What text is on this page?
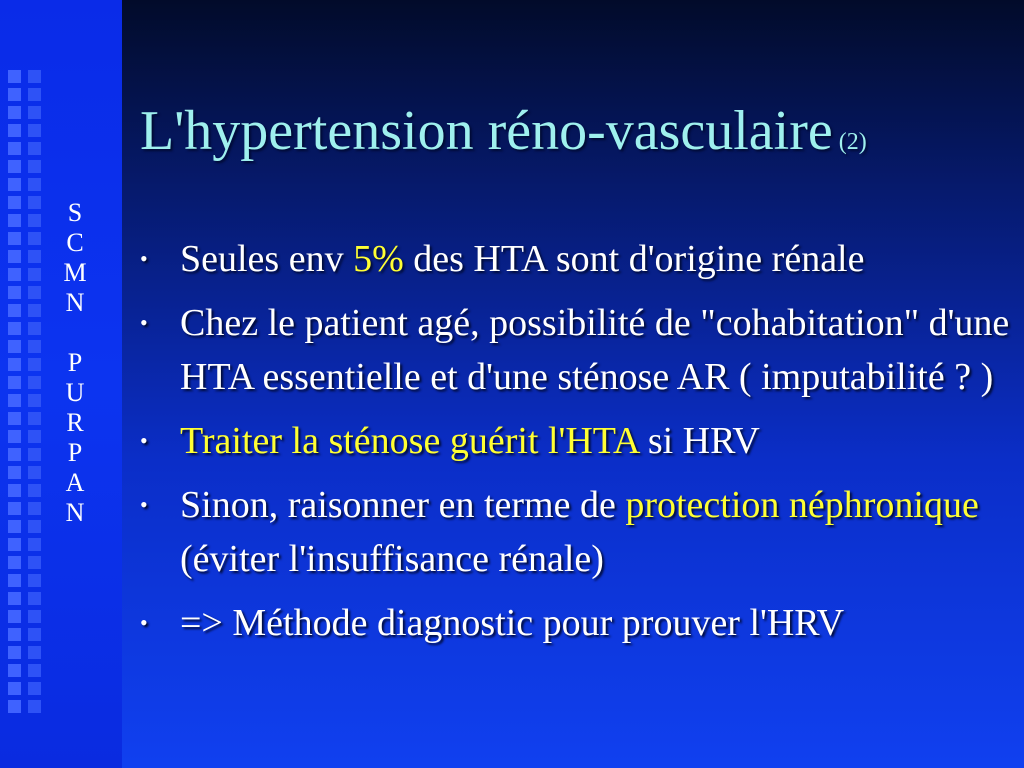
S
C
M
N
P
U
R
P
A
N
L'hypertension réno-vasculaire (2)
• Seules env 5% des HTA sont d'origine rénale
• Chez le patient agé, possibilité de "cohabitation" d'une HTA essentielle et d'une sténose AR ( imputabilité ? )
• Traiter la sténose guérit l'HTA si HRV
• Sinon, raisonner en terme de protection néphronique (éviter l'insuffisance rénale)
• => Méthode diagnostic pour prouver l'HRV
